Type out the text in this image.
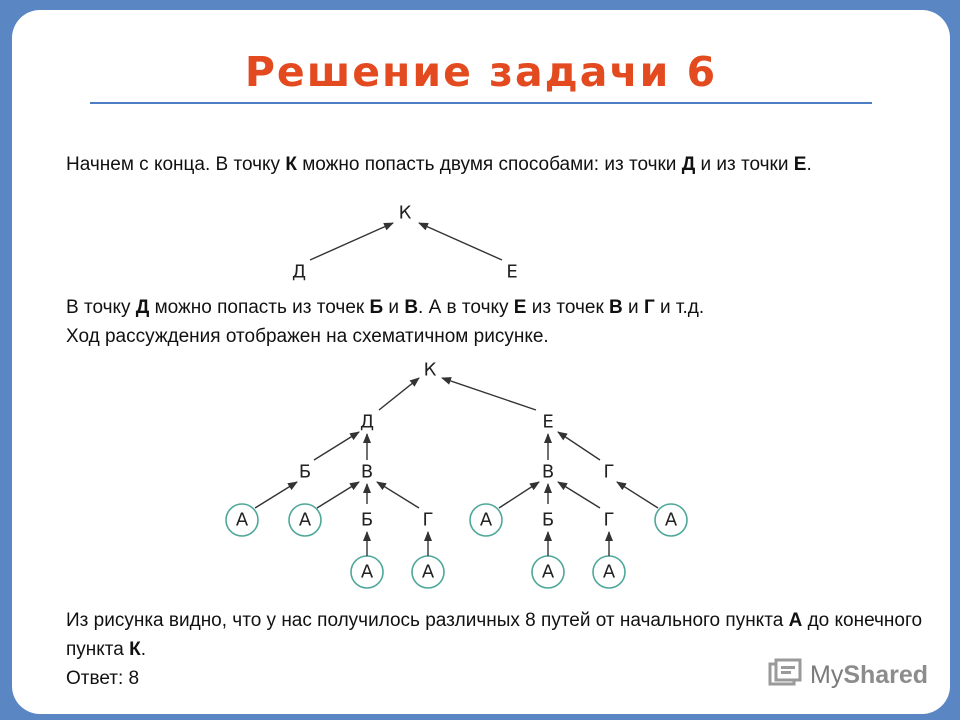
Решение задачи 6
Начнем с конца. В точку К можно попасть двумя способами: из точки Д и из точки Е.
В точку Д можно попасть из точек Б и В. А в точку Е из точек В и Г и т.д.
Ход рассуждения отображен на схематичном рисунке.
Из рисунка видно, что у нас получилось различных 8 путей от начального пункта А до конечного пункта К.
Ответ: 8
К
Д	Е
К
Д	Е
Б	В	В	Г
А	А	Б	Г	А	Б	Г	А
А	А	А	А
MyShared
